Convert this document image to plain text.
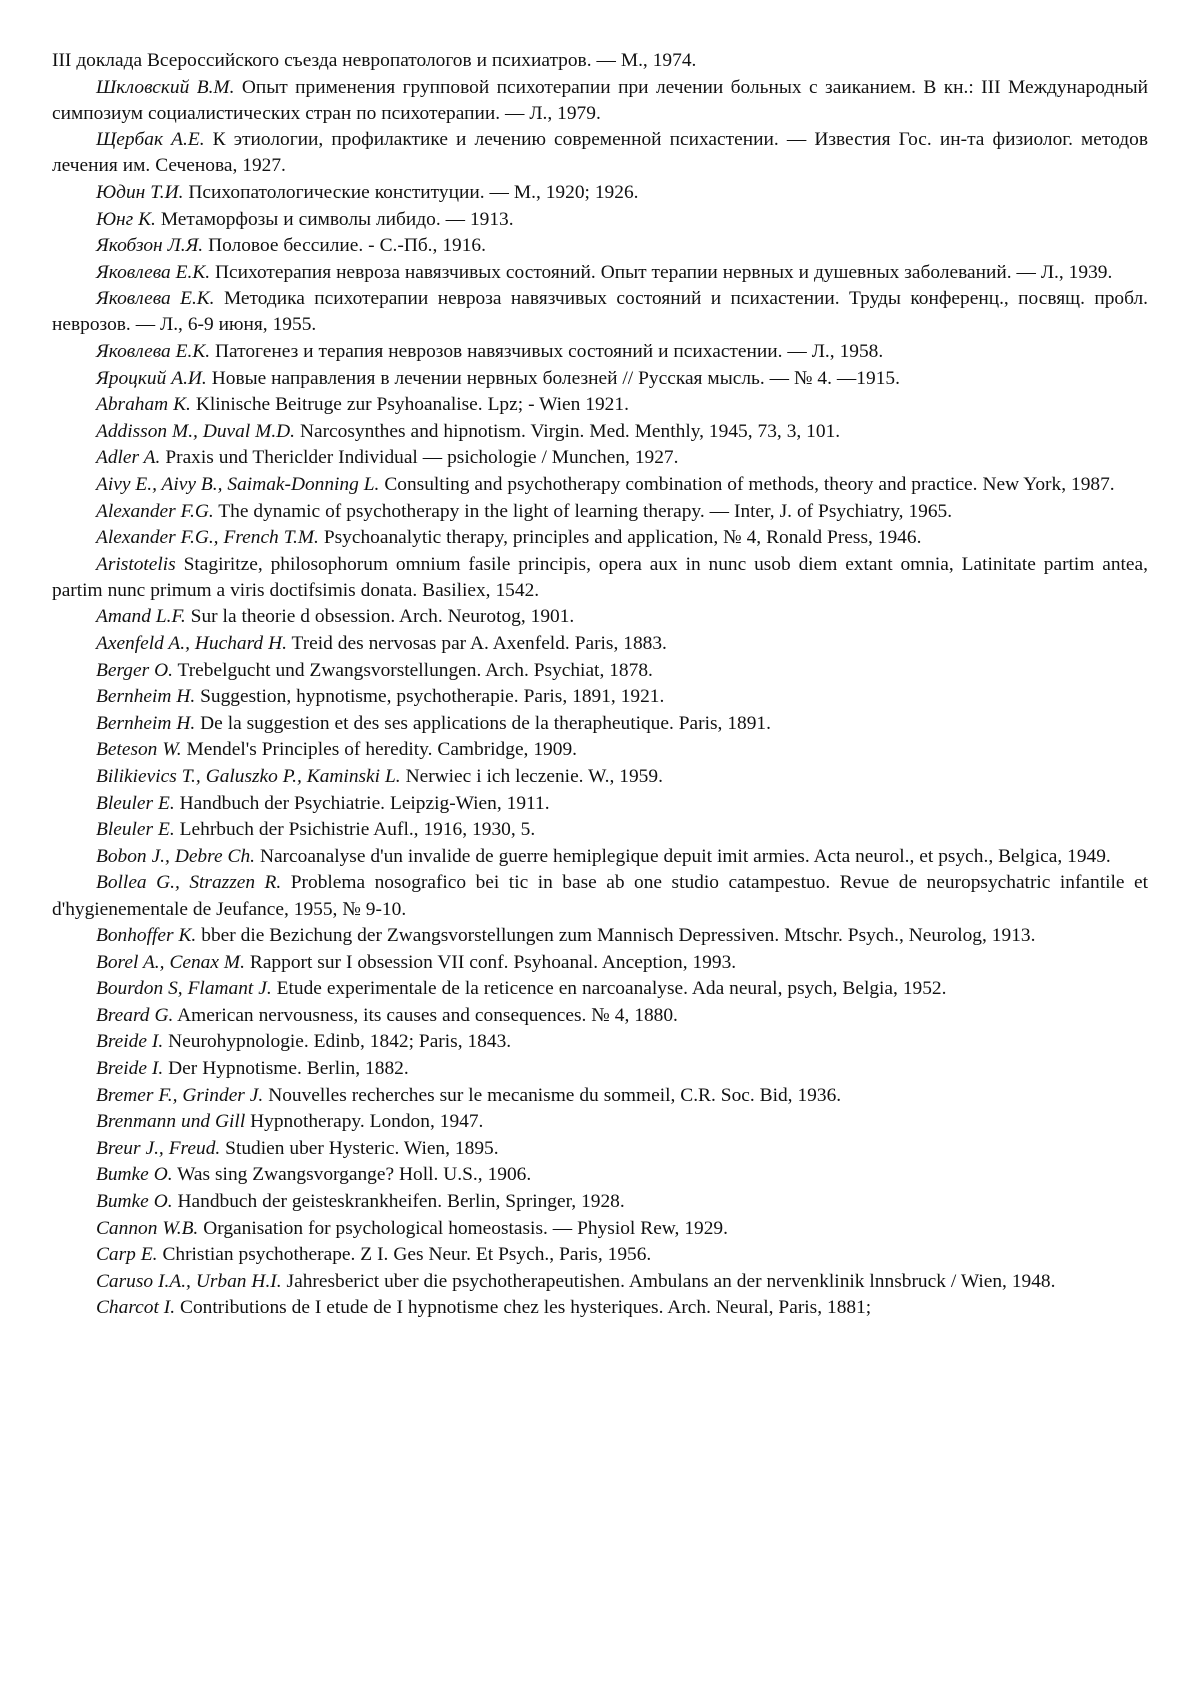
III доклада Всероссийского съезда невропатологов и психиатров. — М., 1974.

Шкловский В.М. Опыт применения групповой психотерапии при лечении больных с заиканием. В кн.: III Международный симпозиум социалистических стран по психотерапии. — Л., 1979.

Щербак А.Е. К этиологии, профилактике и лечению современной психастении. — Известия Гос. ин-та физиолог. методов лечения им. Сеченова, 1927.

Юдин Т.И. Психопатологические конституции. — М., 1920; 1926.

Юнг К. Метаморфозы и символы либидо. — 1913.

Якобзон Л.Я. Половое бессилие. - С.-Пб., 1916.

Яковлева Е.К. Психотерапия невроза навязчивых состояний. Опыт терапии нервных и душевных заболеваний. — Л., 1939.

Яковлева Е.К. Методика психотерапии невроза навязчивых состояний и психастении. Труды конференц., посвящ. пробл. неврозов. — Л., 6-9 июня, 1955.

Яковлева Е.К. Патогенез и терапия неврозов навязчивых состояний и психастении. — Л., 1958.

Яроцкий А.И. Новые направления в лечении нервных болезней // Русская мысль. — № 4. —1915.

Abraham K. Klinische Beitruge zur Psyhoanalise. Lpz; - Wien 1921.

Addisson M., Duval M.D. Narcosynthes and hipnotism. Virgin. Med. Menthly, 1945, 73, 3, 101.

Adler A. Praxis und Thericlder Individual — psichologie / Munchen, 1927.

Aivy E., Aivy B., Saimak-Donning L. Consulting and psychotherapy combination of methods, theory and practice. New York, 1987.

Alexander F.G. The dynamic of psychotherapy in the light of learning therapy. — Inter, J. of Psychiatry, 1965.

Alexander F.G., French T.M. Psychoanalytic therapy, principles and application, № 4, Ronald Press, 1946.

Aristotelis Stagiritze, philosophorum omnium fasile principis, opera aux in nunc usob diem extant omnia, Latinitate partim antea, partim nunc primum a viris doctifsimis donata. Basiliex, 1542.

Amand L.F. Sur la theorie d obsession. Arch. Neurotog, 1901.

Axenfeld A., Huchard H. Treid des nervosas par A. Axenfeld. Paris, 1883.

Berger O. Trebelgucht und Zwangsvorstellungen. Arch. Psychiat, 1878.

Bernheim H. Suggestion, hypnotisme, psychotherapie. Paris, 1891, 1921.

Bernheim H. De la suggestion et des ses applications de la therapheutique. Paris, 1891.

Beteson W. Mendel's Principles of heredity. Cambridge, 1909.

Bilikievics T., Galuszko P., Kaminski L. Nerwiec i ich leczenie. W., 1959.

Bleuler E. Handbuch der Psychiatrie. Leipzig-Wien, 1911.

Bleuler E. Lehrbuch der Psichistrie Aufl., 1916, 1930, 5.

Bobon J., Debre Ch. Narcoanalyse d'un invalide de guerre hemiplegique depuit imit armies. Acta neurol., et psych., Belgica, 1949.

Bollea G., Strazzen R. Problema nosografico bei tic in base ab one studio catampestuo. Revue de neuropsychatric infantile et d'hygienementale de Jeufance, 1955, № 9-10.

Bonhoffer K. bber die Bezichung der Zwangsvorstellungen zum Mannisch Depressiven. Mtschr. Psych., Neurolog, 1913.

Borel A., Cenax M. Rapport sur I obsession VII conf. Psyhoanal. Anception, 1993.

Bourdon S, Flamant J. Etude experimentale de la reticence en narcoanalyse. Ada neural, psych, Belgia, 1952.

Breard G. American nervousness, its causes and consequences. № 4, 1880.

Breide I. Neurohypnologie. Edinb, 1842; Paris, 1843.

Breide I. Der Hypnotisme. Berlin, 1882.

Bremer F., Grinder J. Nouvelles recherches sur le mecanisme du sommeil, C.R. Soc. Bid, 1936.

Brenmann und Gill Hypnotherapy. London, 1947.

Breur J., Freud. Studien uber Hysteric. Wien, 1895.

Bumke O. Was sing Zwangsvorgange? Holl. U.S., 1906.

Bumke O. Handbuch der geisteskrankheifen. Berlin, Springer, 1928.

Cannon W.B. Organisation for psychological homeostasis. — Physiol Rew, 1929.

Carp E. Christian psychotherape. Z I. Ges Neur. Et Psych., Paris, 1956.

Caruso I.A., Urban H.I. Jahresberict uber die psychotherapeutishen. Ambulans an der nervenklinik lnnsbruck / Wien, 1948.

Charcot I. Contributions de I etude de I hypnotisme chez les hysteriques. Arch. Neural, Paris, 1881;
